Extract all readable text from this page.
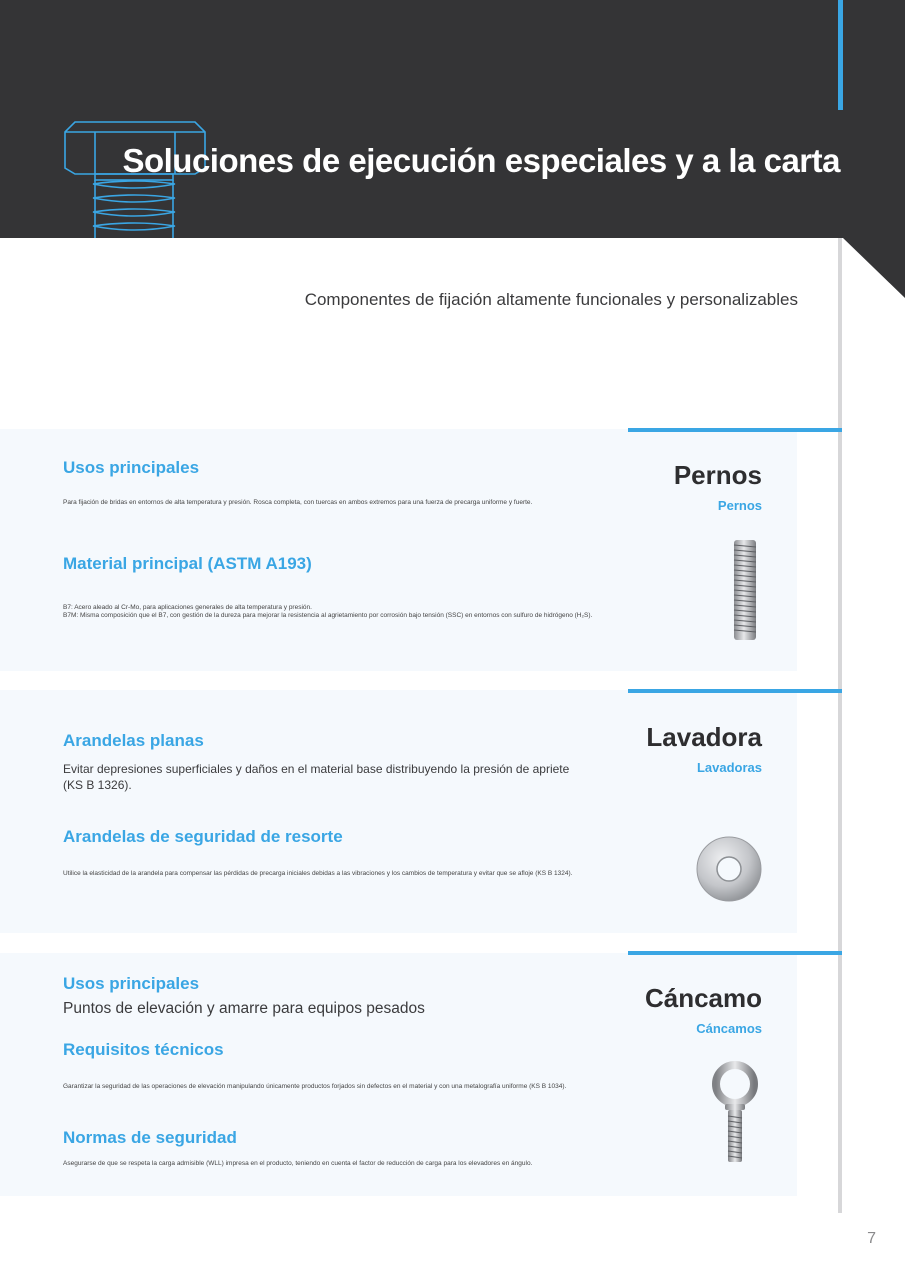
Soluciones de ejecución especiales y a la carta
Componentes de fijación altamente funcionales y personalizables
Usos principales

Para fijación de bridas en entornos de alta temperatura y presión. Rosca completa, con tuercas en ambos extremos para una fuerza de precarga uniforme y fuerte.

Material principal (ASTM A193)

B7: Acero aleado al Cr-Mo, para aplicaciones generales de alta temperatura y presión.

B7M: Misma composición que el B7, con gestión de la dureza para mejorar la resistencia al agrietamiento por corrosión bajo tensión (SSC) en entornos con sulfuro de hidrógeno (H₂S).

Pernos
Pernos
Arandelas planas

Evitar depresiones superficiales y daños en el material base distribuyendo la presión de apriete

(KS B 1326).

Arandelas de seguridad de resorte

Utilice la elasticidad de la arandela para compensar las pérdidas de precarga iniciales debidas a las vibraciones y los cambios de temperatura y evitar que se afloje (KS B 1324).

Lavadora
Lavadoras
Usos principales

Puntos de elevación y amarre para equipos pesados

Requisitos técnicos

Garantizar la seguridad de las operaciones de elevación manipulando únicamente productos forjados sin defectos en el material y con una metalografía uniforme (KS B 1034).

Normas de seguridad

Asegurarse de que se respeta la carga admisible (WLL) impresa en el producto, teniendo en cuenta el factor de reducción de carga para los elevadores en ángulo.

Cáncamo
Cáncamos
7
